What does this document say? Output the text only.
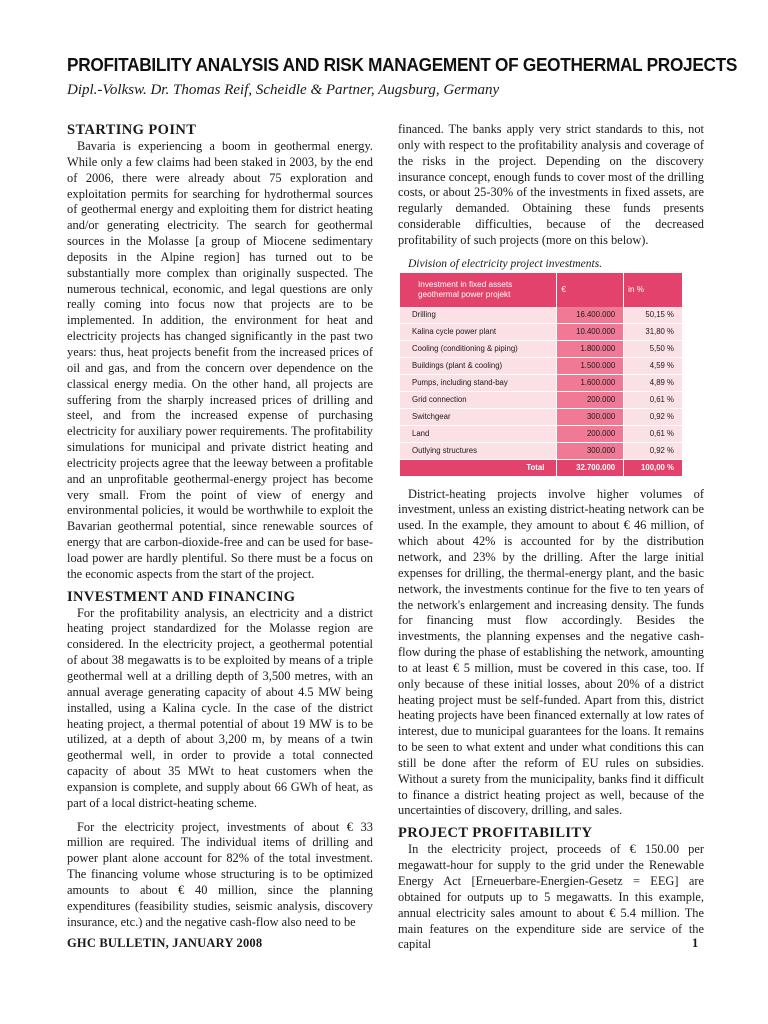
PROFITABILITY ANALYSIS AND RISK MANAGEMENT OF GEOTHERMAL PROJECTS
Dipl.-Volksw. Dr. Thomas Reif, Scheidle & Partner, Augsburg, Germany
STARTING POINT

Bavaria is experiencing a boom in geothermal energy. While only a few claims had been staked in 2003, by the end of 2006, there were already about 75 exploration and exploitation permits for searching for hydrothermal sources of geothermal energy and exploiting them for district heating and/or generating electricity. The search for geothermal sources in the Molasse [a group of Miocene sedimentary deposits in the Alpine region] has turned out to be substantially more complex than originally suspected. The numerous technical, economic, and legal questions are only really coming into focus now that projects are to be implemented. In addition, the environment for heat and electricity projects has changed significantly in the past two years: thus, heat projects benefit from the increased prices of oil and gas, and from the concern over dependence on the classical energy media. On the other hand, all projects are suffering from the sharply increased prices of drilling and steel, and from the increased expense of purchasing electricity for auxiliary power requirements. The profitability simulations for municipal and private district heating and electricity projects agree that the leeway between a profitable and an unprofitable geothermal-energy project has become very small. From the point of view of energy and environmental policies, it would be worthwhile to exploit the Bavarian geothermal potential, since renewable sources of energy that are carbon-dioxide-free and can be used for base-load power are hardly plentiful. So there must be a focus on the economic aspects from the start of the project.

INVESTMENT AND FINANCING

For the profitability analysis, an electricity and a district heating project standardized for the Molasse region are considered. In the electricity project, a geothermal potential of about 38 megawatts is to be exploited by means of a triple geothermal well at a drilling depth of 3,500 metres, with an annual average generating capacity of about 4.5 MW being installed, using a Kalina cycle. In the case of the district heating project, a thermal potential of about 19 MW is to be utilized, at a depth of about 3,200 m, by means of a twin geothermal well, in order to provide a total connected capacity of about 35 MWt to heat customers when the expansion is complete, and supply about 66 GWh of heat, as part of a local district-heating scheme.

For the electricity project, investments of about € 33 million are required. The individual items of drilling and power plant alone account for 82% of the total investment. The financing volume whose structuring is to be optimized amounts to about € 40 million, since the planning expenditures (feasibility studies, seismic analysis, discovery insurance, etc.) and the negative cash-flow also need to be

financed. The banks apply very strict standards to this, not only with respect to the profitability analysis and coverage of the risks in the project. Depending on the discovery insurance concept, enough funds to cover most of the drilling costs, or about 25-30% of the investments in fixed assets, are regularly demanded. Obtaining these funds presents considerable difficulties, because of the decreased profitability of such projects (more on this below).

Division of electricity project investments.

Investment in fixed assets
geothermal power projekt	€	in %
Drilling	16.400.000	50,15 %
Kalina cycle power plant	10.400.000	31,80 %
Cooling (conditioning & piping)	1.800.000	5,50 %
Buildings (plant & cooling)	1.500.000	4,59 %
Pumps, including stand-bay	1.600.000	4,89 %
Grid connection	200.000	0,61 %
Switchgear	300.000	0,92 %
Land	200.000	0,61 %
Outlying structures	300.000	0,92 %
Total	32.700.000	100,00 %

District-heating projects involve higher volumes of investment, unless an existing district-heating network can be used. In the example, they amount to about € 46 million, of which about 42% is accounted for by the distribution network, and 23% by the drilling. After the large initial expenses for drilling, the thermal-energy plant, and the basic network, the investments continue for the five to ten years of the network's enlargement and increasing density. The funds for financing must flow accordingly. Besides the investments, the planning expenses and the negative cash-flow during the phase of establishing the network, amounting to at least € 5 million, must be covered in this case, too. If only because of these initial losses, about 20% of a district heating project must be self-funded. Apart from this, district heating projects have been financed externally at low rates of interest, due to municipal guarantees for the loans. It remains to be seen to what extent and under what conditions this can still be done after the reform of EU rules on subsidies. Without a surety from the municipality, banks find it difficult to finance a district heating project as well, because of the uncertainties of discovery, drilling, and sales.

PROJECT PROFITABILITY

In the electricity project, proceeds of € 150.00 per megawatt-hour for supply to the grid under the Renewable Energy Act [Erneuerbare-Energien-Gesetz = EEG] are obtained for outputs up to 5 megawatts. In this example, annual electricity sales amount to about € 5.4 million. The main features on the expenditure side are service of the capital

GHC BULLETIN, JANUARY 2008	1
